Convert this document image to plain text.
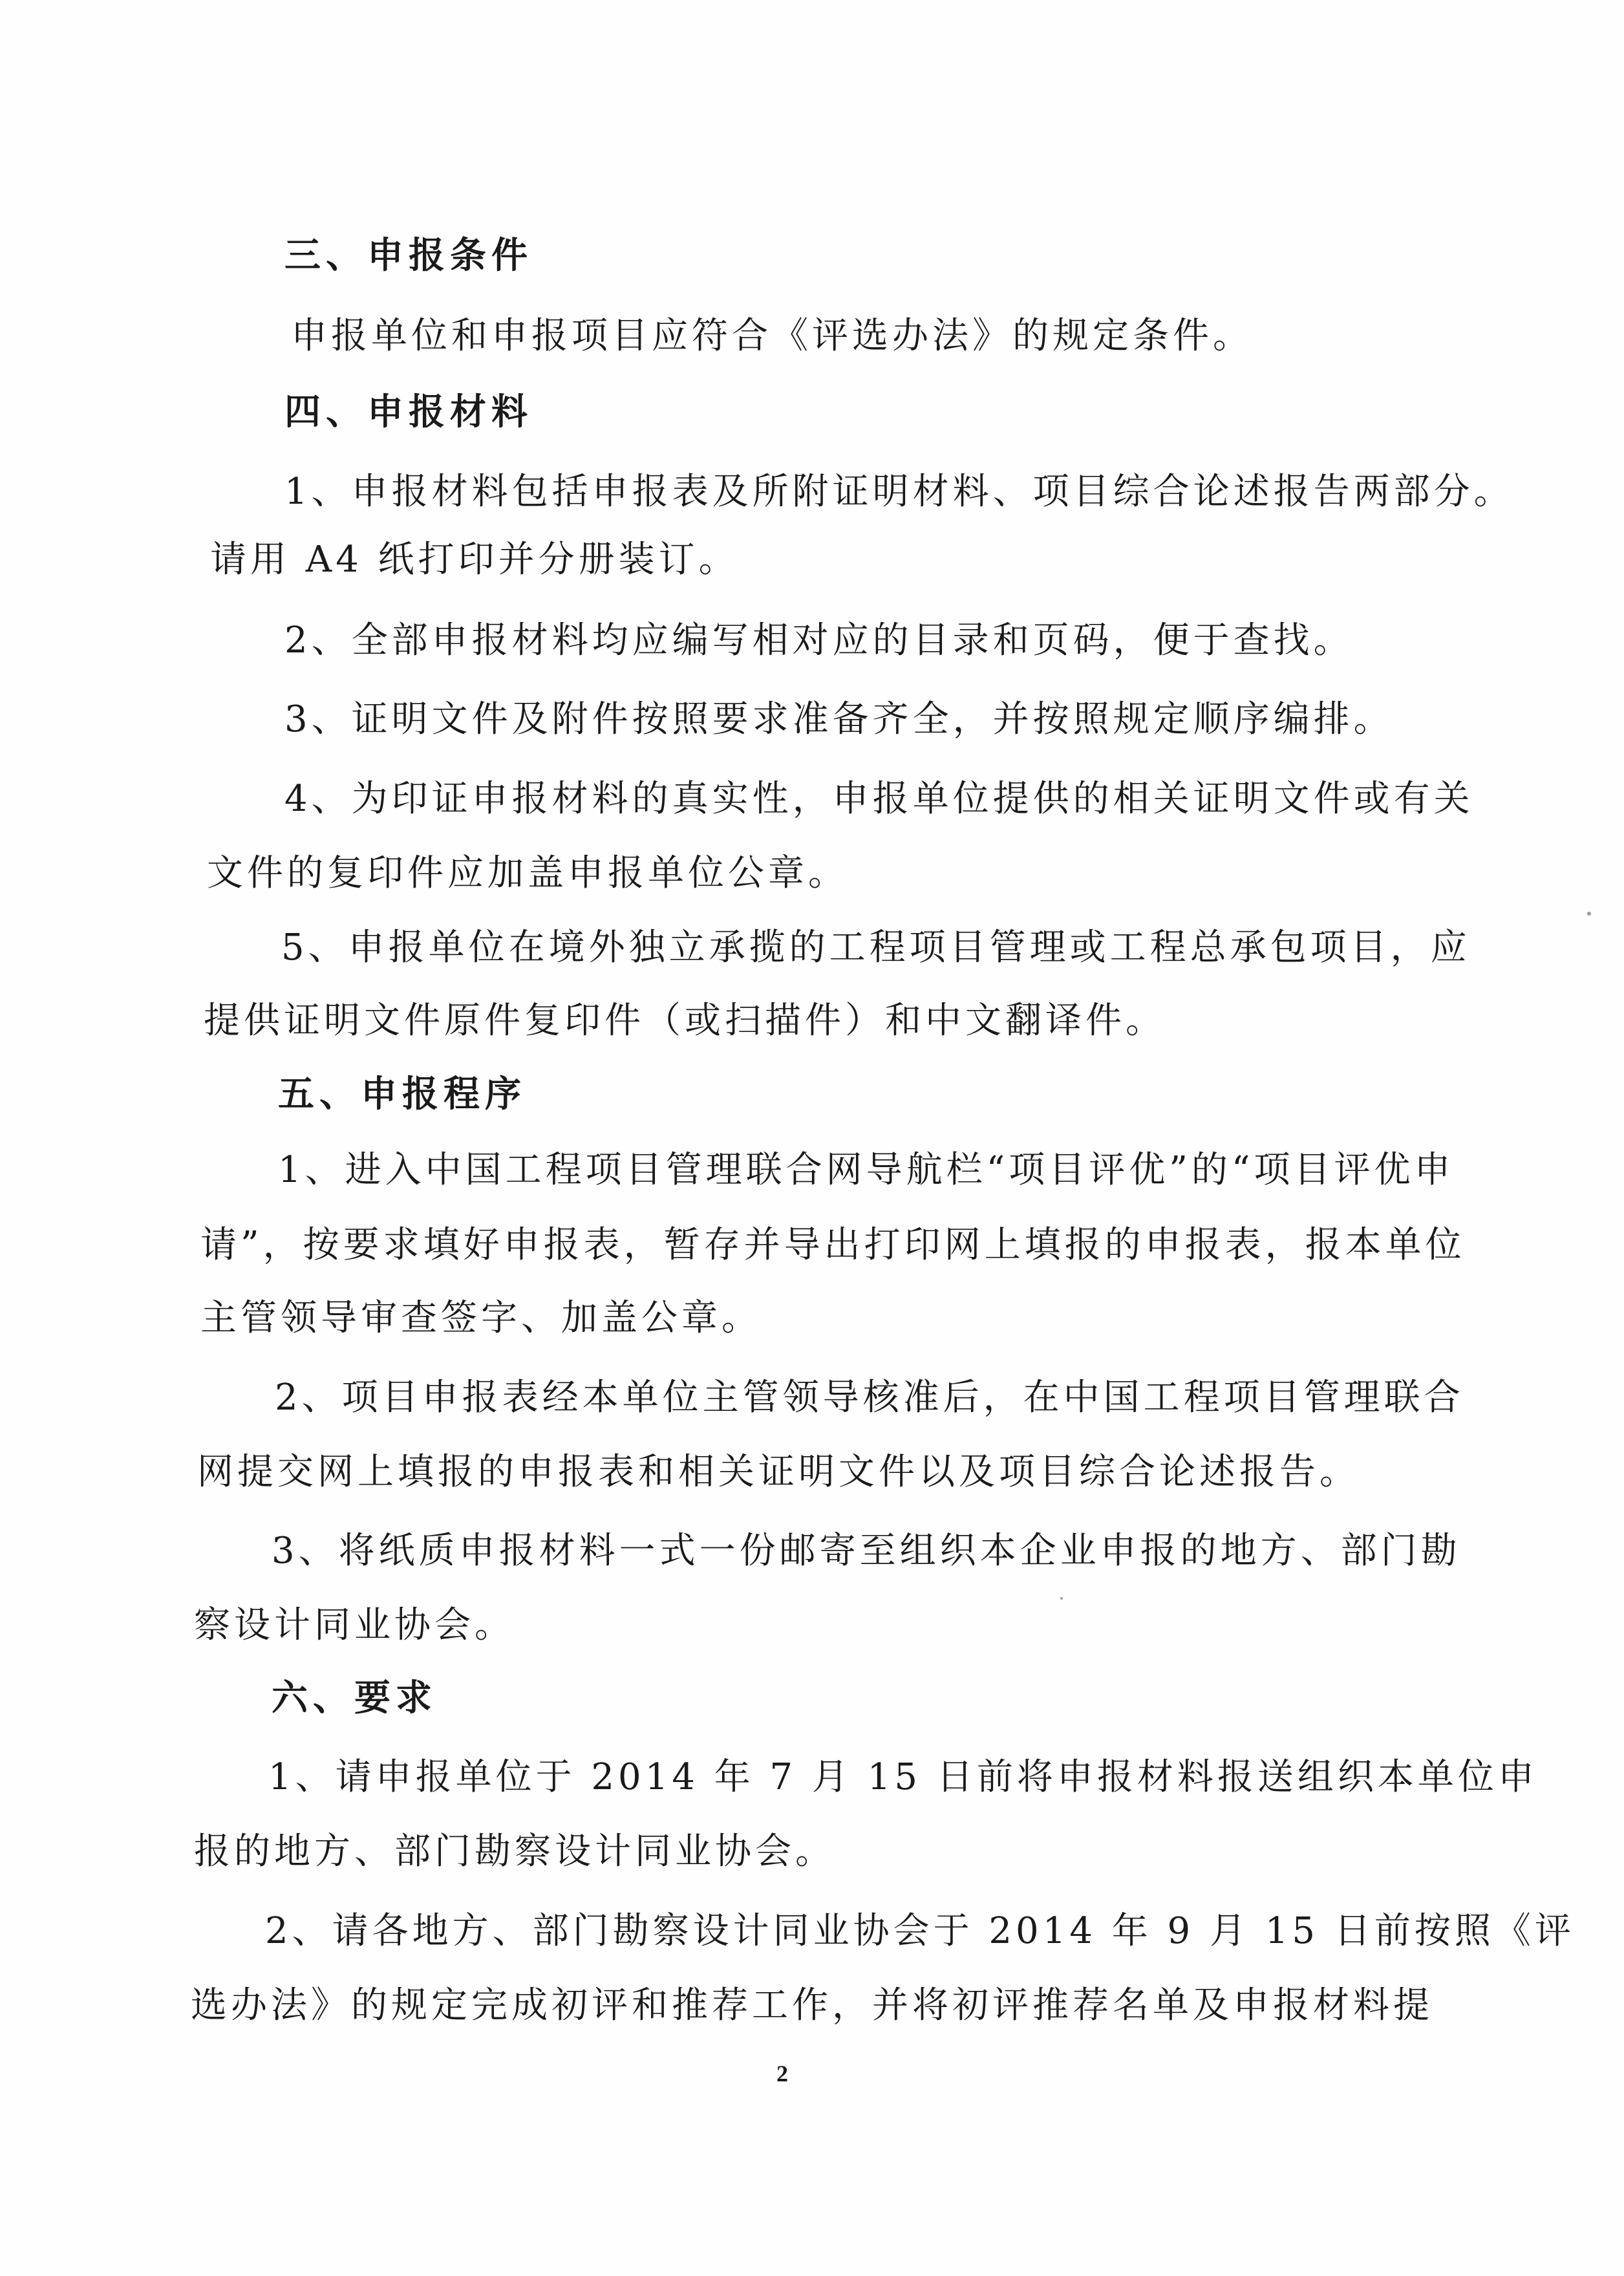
三、申报条件
申报单位和申报项目应符合《评选办法》的规定条件。
四、申报材料
1、申报材料包括申报表及所附证明材料、项目综合论述报告两部分。
请用 A4 纸打印并分册装订。
2、全部申报材料均应编写相对应的目录和页码，便于查找。
3、证明文件及附件按照要求准备齐全，并按照规定顺序编排。
4、为印证申报材料的真实性，申报单位提供的相关证明文件或有关
文件的复印件应加盖申报单位公章。
5、申报单位在境外独立承揽的工程项目管理或工程总承包项目，应
提供证明文件原件复印件（或扫描件）和中文翻译件。
五、申报程序
1、进入中国工程项目管理联合网导航栏“项目评优”的“项目评优申
请”，按要求填好申报表，暂存并导出打印网上填报的申报表，报本单位
主管领导审查签字、加盖公章。
2、项目申报表经本单位主管领导核准后，在中国工程项目管理联合
网提交网上填报的申报表和相关证明文件以及项目综合论述报告。
3、将纸质申报材料一式一份邮寄至组织本企业申报的地方、部门勘
察设计同业协会。
六、要求
1、请申报单位于 2014 年 7 月 15 日前将申报材料报送组织本单位申
报的地方、部门勘察设计同业协会。
2、请各地方、部门勘察设计同业协会于 2014 年 9 月 15 日前按照《评
选办法》的规定完成初评和推荐工作，并将初评推荐名单及申报材料提
2
